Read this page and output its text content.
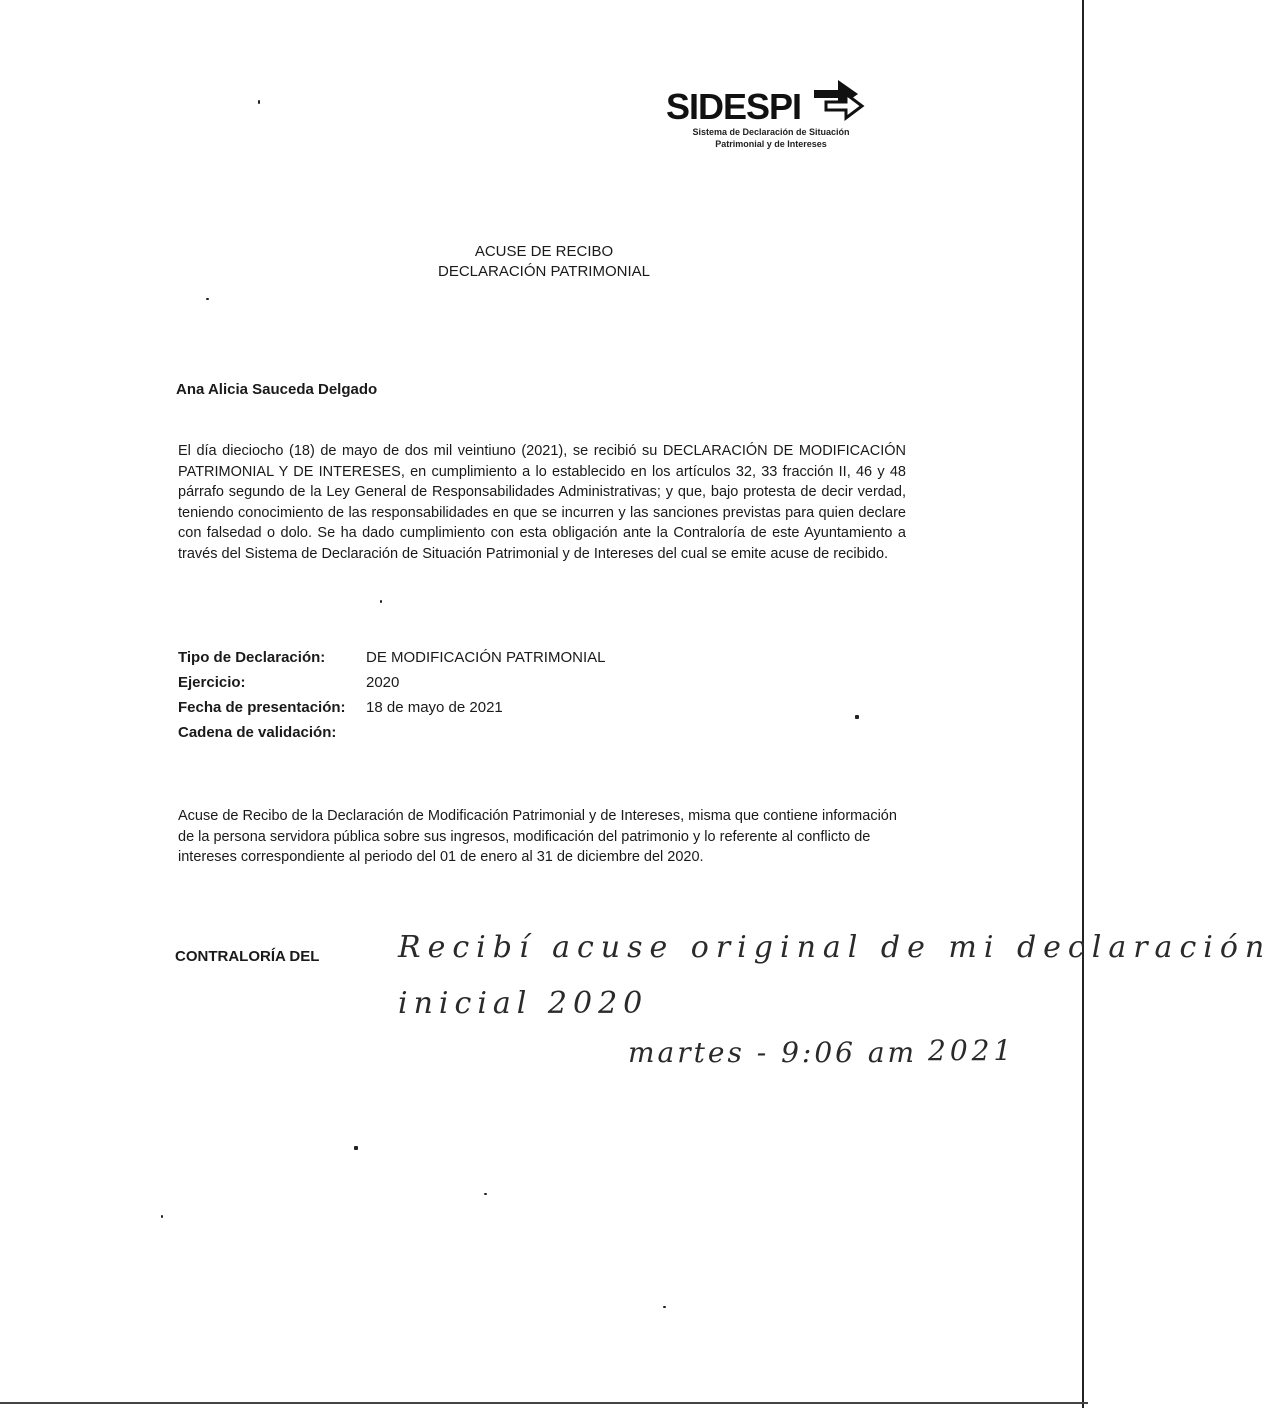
SIDESPI
Sistema de Declaración de Situación
Patrimonial y de Intereses
ACUSE DE RECIBO
DECLARACIÓN PATRIMONIAL
Ana Alicia Sauceda Delgado
El día dieciocho (18) de mayo de dos mil veintiuno (2021), se recibió su DECLARACIÓN DE MODIFICACIÓN PATRIMONIAL Y DE INTERESES, en cumplimiento a lo establecido en los artículos 32, 33 fracción II, 46 y 48 párrafo segundo de la Ley General de Responsabilidades Administrativas; y que, bajo protesta de decir verdad, teniendo conocimiento de las responsabilidades en que se incurren y las sanciones previstas para quien declare con falsedad o dolo. Se ha dado cumplimiento con esta obligación ante la Contraloría de este Ayuntamiento a través del Sistema de Declaración de Situación Patrimonial y de Intereses del cual se emite acuse de recibido.
Tipo de Declaración:	DE MODIFICACIÓN PATRIMONIAL
Ejercicio:	2020
Fecha de presentación: 18 de mayo de 2021
Cadena de validación:
Acuse de Recibo de la Declaración de Modificación Patrimonial y de Intereses, misma que contiene información de la persona servidora pública sobre sus ingresos, modificación del patrimonio y lo referente al conflicto de intereses correspondiente al periodo del 01 de enero al 31 de diciembre del 2020.
CONTRALORÍA DEL	Recibí acuse original de mi declaración
inicial 2020
martes - 9:06 am 2021
